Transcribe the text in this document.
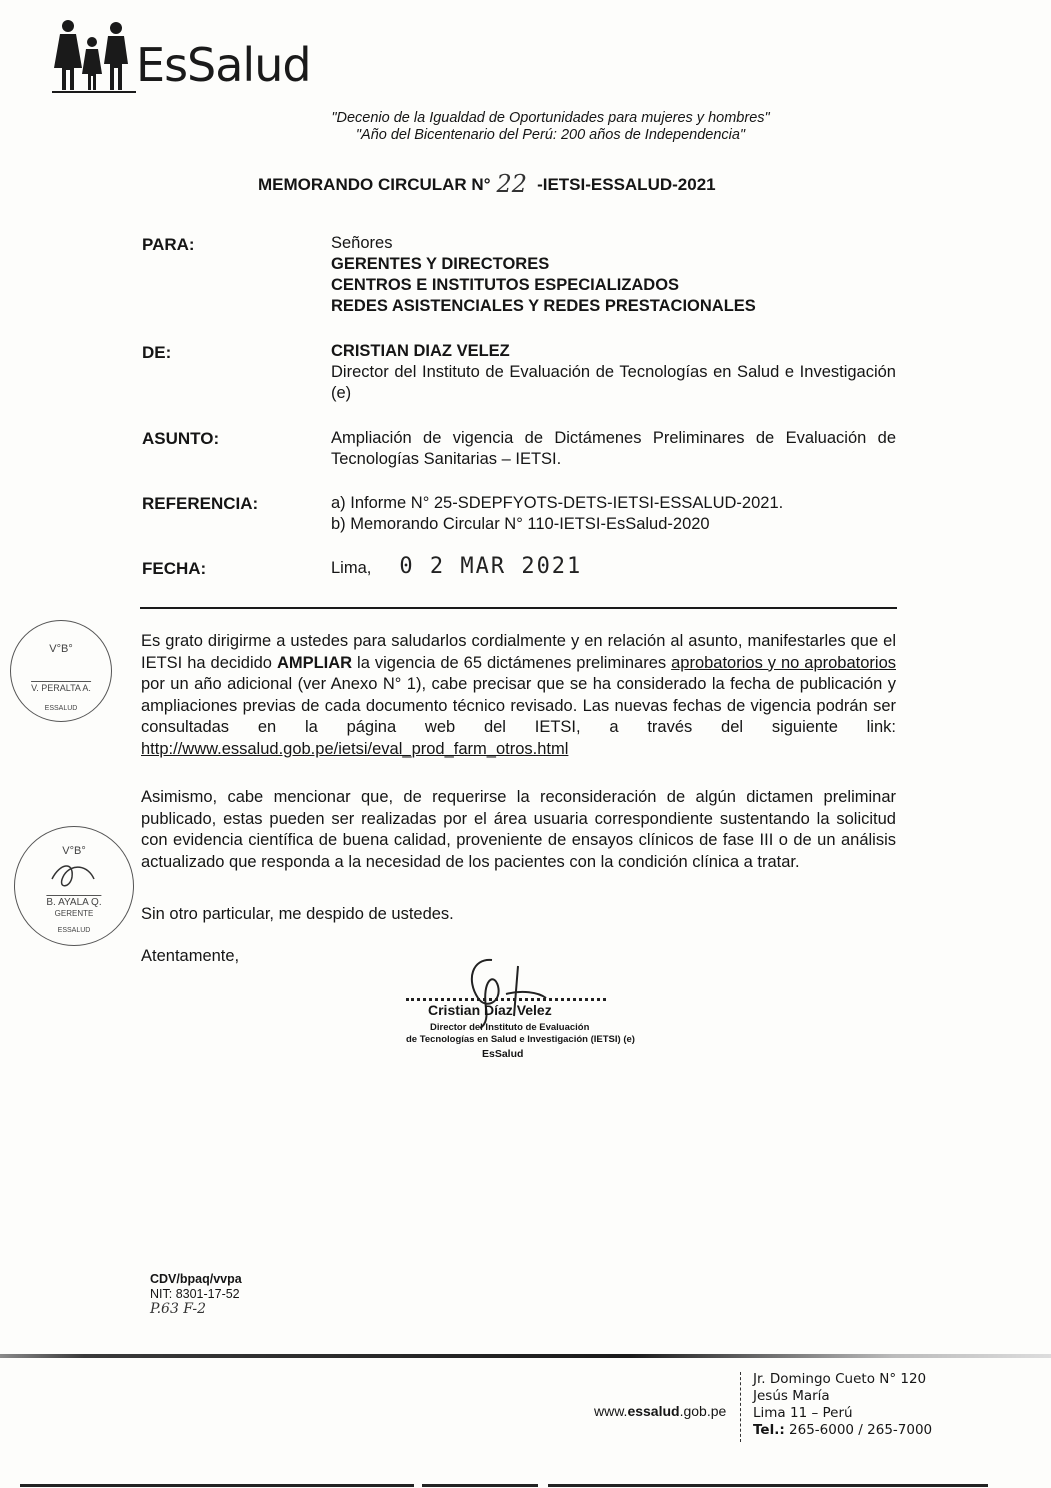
EsSalud
"Decenio de la Igualdad de Oportunidades para mujeres y hombres"
"Año del Bicentenario del Perú: 200 años de Independencia"
MEMORANDO CIRCULAR N° 22 -IETSI-ESSALUD-2021
PARA:	Señores
GERENTES Y DIRECTORES
CENTROS E INSTITUTOS ESPECIALIZADOS
REDES ASISTENCIALES Y REDES PRESTACIONALES
DE:	CRISTIAN DIAZ VELEZ
Director del Instituto de Evaluación de Tecnologías en Salud e Investigación (e)
ASUNTO:	Ampliación de vigencia de Dictámenes Preliminares de Evaluación de Tecnologías Sanitarias – IETSI.
REFERENCIA:	a) Informe N° 25-SDEPFYOTS-DETS-IETSI-ESSALUD-2021.
b) Memorando Circular N° 110-IETSI-EsSalud-2020
FECHA:	Lima, 0 2 MAR 2021
Es grato dirigirme a ustedes para saludarlos cordialmente y en relación al asunto, manifestarles que el IETSI ha decidido AMPLIAR la vigencia de 65 dictámenes preliminares aprobatorios y no aprobatorios por un año adicional (ver Anexo N° 1), cabe precisar que se ha considerado la fecha de publicación y ampliaciones previas de cada documento técnico revisado. Las nuevas fechas de vigencia podrán ser consultadas en la página web del IETSI, a través del siguiente link: http://www.essalud.gob.pe/ietsi/eval_prod_farm_otros.html
Asimismo, cabe mencionar que, de requerirse la reconsideración de algún dictamen preliminar publicado, estas pueden ser realizadas por el área usuaria correspondiente sustentando la solicitud con evidencia científica de buena calidad, proveniente de ensayos clínicos de fase III o de un análisis actualizado que responda a la necesidad de los pacientes con la condición clínica a tratar.
Sin otro particular, me despido de ustedes.
Atentamente,
V°B°
V. PERALTA A.
ESSALUD
V°B°
B. AYALA Q.
GERENTE
ESSALUD
Cristian Díaz Velez
Director del Instituto de Evaluación
de Tecnologías en Salud e Investigación (IETSI) (e)
EsSalud
CDV/bpaq/vvpa
NIT: 8301-17-52
P.63 F-2
www.essalud.gob.pe
Jr. Domingo Cueto N° 120
Jesús María
Lima 11 – Perú
Tel.: 265-6000 / 265-7000
